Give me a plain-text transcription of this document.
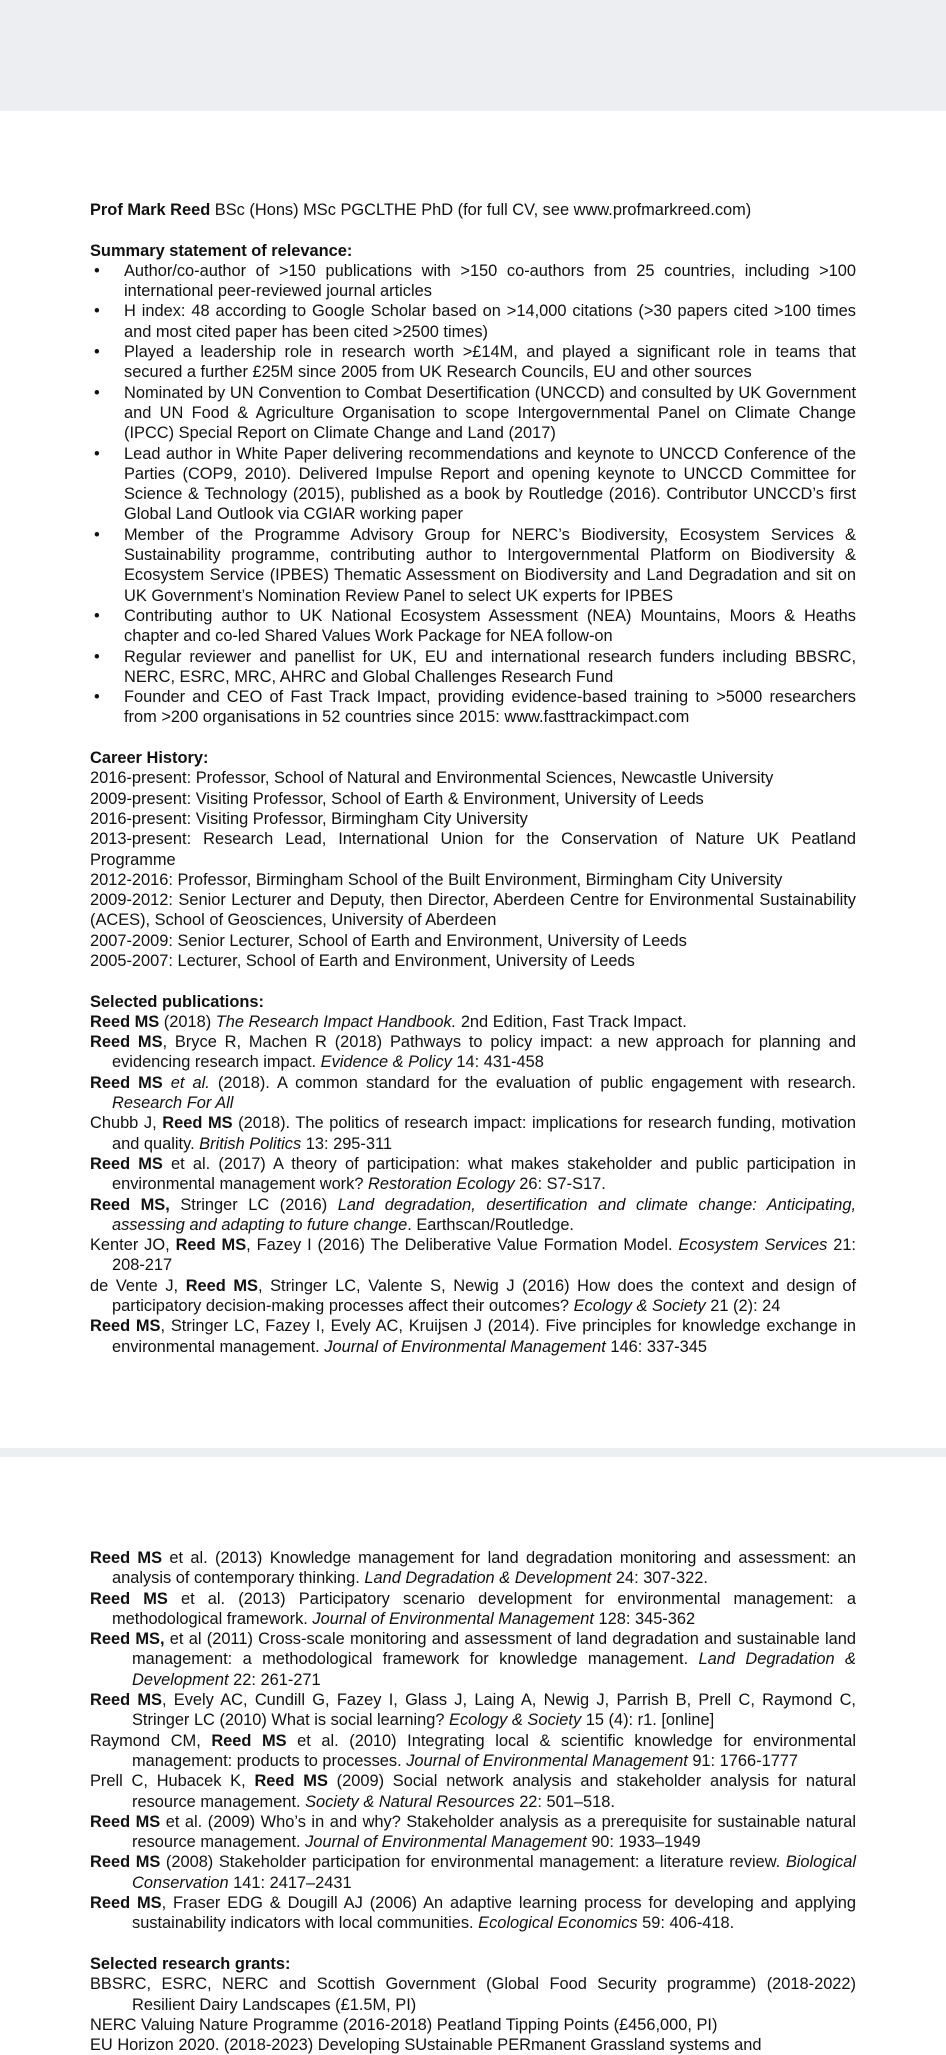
Prof Mark Reed BSc (Hons) MSc PGCLTHE PhD (for full CV, see www.profmarkreed.com)

Summary statement of relevance:

• Author/co-author of >150 publications with >150 co-authors from 25 countries, including >100 international peer-reviewed journal articles
• H index: 48 according to Google Scholar based on >14,000 citations (>30 papers cited >100 times and most cited paper has been cited >2500 times)
• Played a leadership role in research worth >£14M, and played a significant role in teams that secured a further £25M since 2005 from UK Research Councils, EU and other sources
• Nominated by UN Convention to Combat Desertification (UNCCD) and consulted by UK Government and UN Food & Agriculture Organisation to scope Intergovernmental Panel on Climate Change (IPCC) Special Report on Climate Change and Land (2017)
• Lead author in White Paper delivering recommendations and keynote to UNCCD Conference of the Parties (COP9, 2010). Delivered Impulse Report and opening keynote to UNCCD Committee for Science & Technology (2015), published as a book by Routledge (2016). Contributor UNCCD’s first Global Land Outlook via CGIAR working paper
• Member of the Programme Advisory Group for NERC’s Biodiversity, Ecosystem Services & Sustainability programme, contributing author to Intergovernmental Platform on Biodiversity & Ecosystem Service (IPBES) Thematic Assessment on Biodiversity and Land Degradation and sit on UK Government’s Nomination Review Panel to select UK experts for IPBES
• Contributing author to UK National Ecosystem Assessment (NEA) Mountains, Moors & Heaths chapter and co-led Shared Values Work Package for NEA follow-on
• Regular reviewer and panellist for UK, EU and international research funders including BBSRC, NERC, ESRC, MRC, AHRC and Global Challenges Research Fund
• Founder and CEO of Fast Track Impact, providing evidence-based training to >5000 researchers from >200 organisations in 52 countries since 2015: www.fasttrackimpact.com

Career History:

2016-present: Professor, School of Natural and Environmental Sciences, Newcastle University

2009-present: Visiting Professor, School of Earth & Environment, University of Leeds

2016-present: Visiting Professor, Birmingham City University

2013-present: Research Lead, International Union for the Conservation of Nature UK Peatland Programme

2012-2016: Professor, Birmingham School of the Built Environment, Birmingham City University

2009-2012: Senior Lecturer and Deputy, then Director, Aberdeen Centre for Environmental Sustainability (ACES), School of Geosciences, University of Aberdeen

2007-2009: Senior Lecturer, School of Earth and Environment, University of Leeds

2005-2007: Lecturer, School of Earth and Environment, University of Leeds

Selected publications:

Reed MS (2018) The Research Impact Handbook. 2nd Edition, Fast Track Impact.

Reed MS, Bryce R, Machen R (2018) Pathways to policy impact: a new approach for planning and evidencing research impact. Evidence & Policy 14: 431-458

Reed MS et al. (2018). A common standard for the evaluation of public engagement with research. Research For All

Chubb J, Reed MS (2018). The politics of research impact: implications for research funding, motivation and quality. British Politics 13: 295-311

Reed MS et al. (2017) A theory of participation: what makes stakeholder and public participation in environmental management work? Restoration Ecology 26: S7-S17.

Reed MS, Stringer LC (2016) Land degradation, desertification and climate change: Anticipating, assessing and adapting to future change. Earthscan/Routledge.

Kenter JO, Reed MS, Fazey I (2016) The Deliberative Value Formation Model. Ecosystem Services 21: 208-217

de Vente J, Reed MS, Stringer LC, Valente S, Newig J (2016) How does the context and design of participatory decision-making processes affect their outcomes? Ecology & Society 21 (2): 24

Reed MS, Stringer LC, Fazey I, Evely AC, Kruijsen J (2014). Five principles for knowledge exchange in environmental management. Journal of Environmental Management 146: 337-345

Reed MS et al. (2013) Knowledge management for land degradation monitoring and assessment: an analysis of contemporary thinking. Land Degradation & Development 24: 307-322.

Reed MS et al. (2013) Participatory scenario development for environmental management: a methodological framework. Journal of Environmental Management 128: 345-362

Reed MS, et al (2011) Cross-scale monitoring and assessment of land degradation and sustainable land management: a methodological framework for knowledge management. Land Degradation & Development 22: 261-271

Reed MS, Evely AC, Cundill G, Fazey I, Glass J, Laing A, Newig J, Parrish B, Prell C, Raymond C, Stringer LC (2010) What is social learning? Ecology & Society 15 (4): r1. [online]

Raymond CM, Reed MS et al. (2010) Integrating local & scientific knowledge for environmental management: products to processes. Journal of Environmental Management 91: 1766-1777

Prell C, Hubacek K, Reed MS (2009) Social network analysis and stakeholder analysis for natural resource management. Society & Natural Resources 22: 501–518.

Reed MS et al. (2009) Who’s in and why? Stakeholder analysis as a prerequisite for sustainable natural resource management. Journal of Environmental Management 90: 1933–1949

Reed MS (2008) Stakeholder participation for environmental management: a literature review. Biological Conservation 141: 2417–2431

Reed MS, Fraser EDG & Dougill AJ (2006) An adaptive learning process for developing and applying sustainability indicators with local communities. Ecological Economics 59: 406-418.

Selected research grants:

BBSRC, ESRC, NERC and Scottish Government (Global Food Security programme) (2018-2022) Resilient Dairy Landscapes (£1.5M, PI)

NERC Valuing Nature Programme (2016-2018) Peatland Tipping Points (£456,000, PI)

EU Horizon 2020. (2018-2023) Developing SUstainable PERmanent Grassland systems and
